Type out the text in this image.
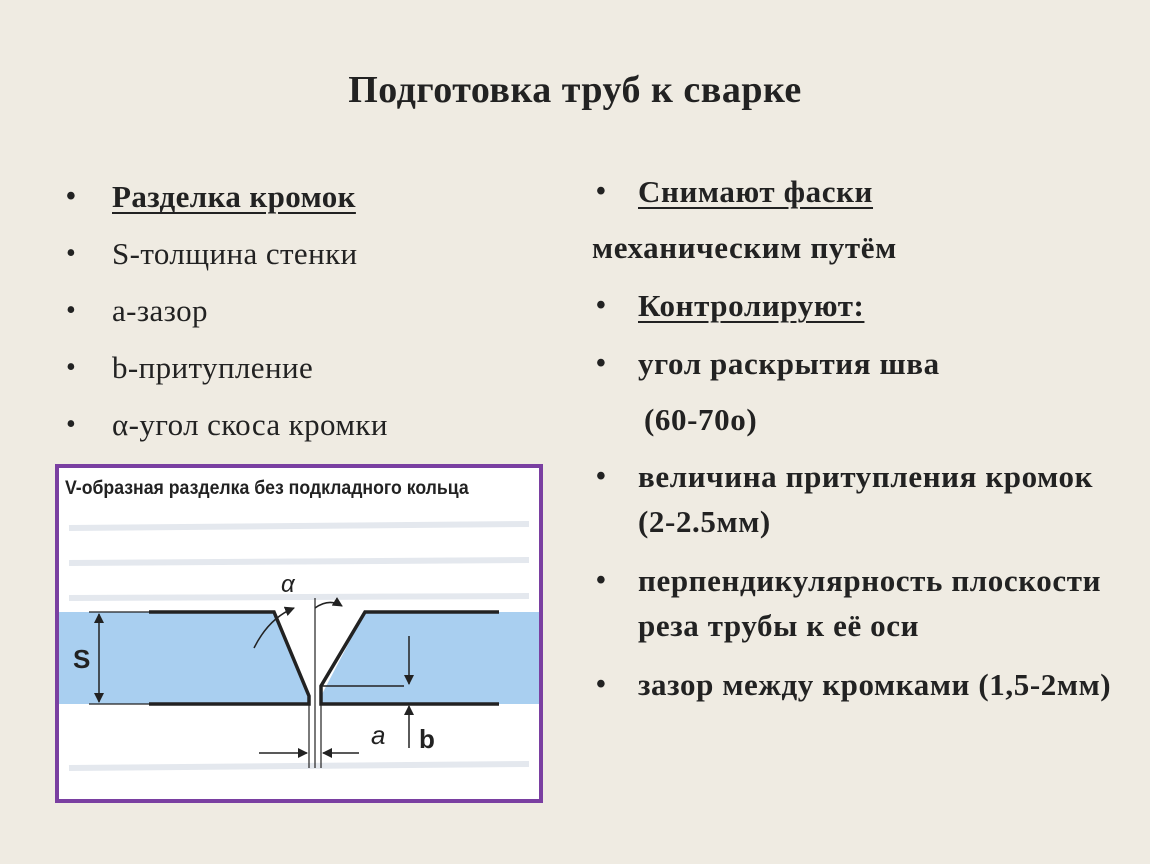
Подготовка труб к сварке
• Разделка кромок
• S-толщина стенки
• а-зазор
• b-притупление
• α-угол скоса кромки
• Снимают фаски
механическим путём
• Контролируют:
• угол раскрытия шва
(60-70о)
• величина притупления кромок (2-2.5мм)
• перпендикулярность плоскости реза трубы к её оси
• зазор между кромками (1,5-2мм)
V-образная разделка без подкладного кольца
S
α
b
a
